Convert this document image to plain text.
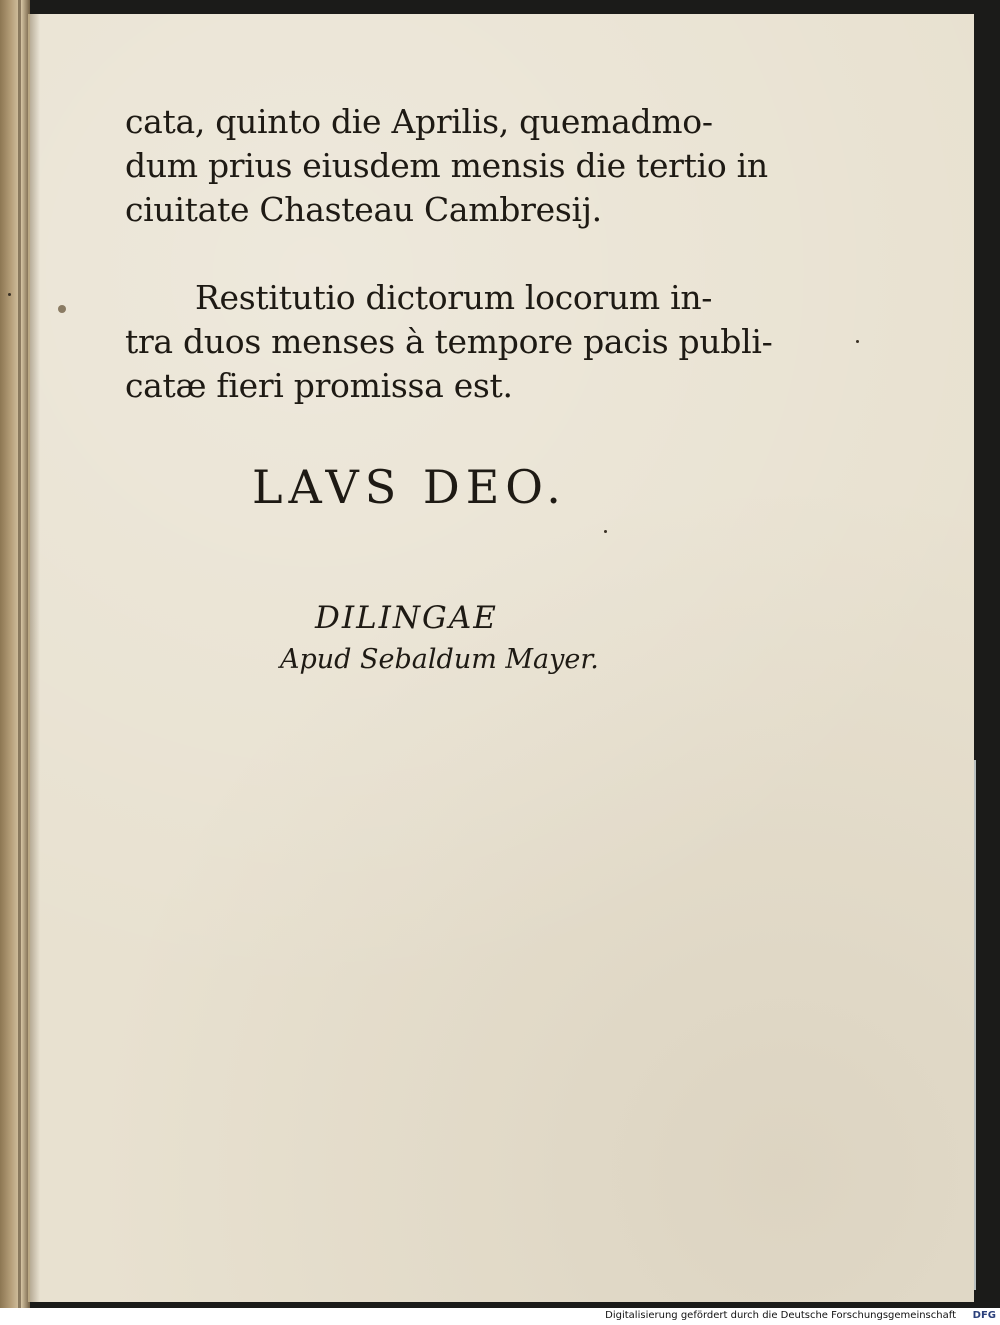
cata, quinto die Aprilis, quemadmo-
dum prius eiusdem mensis die tertio in
ciuitate Chasteau Cambresij.
Restitutio dictorum locorum in-
tra duos menses à tempore pacis publi-
catæ fieri promissa est.
LAVS DEO.
DILINGAE
Apud Sebaldum Mayer.
Digitalisierung gefördert durch die Deutsche Forschungsgemeinschaft DFG
